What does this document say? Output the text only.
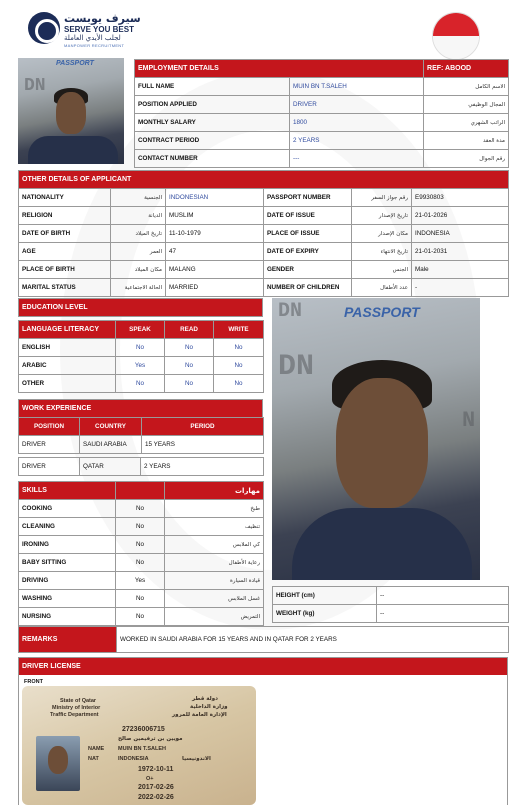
سيرف يوبست
SERVE YOU BEST
لجلب الأيدي العاملة
MANPOWER RECRUITMENT
DN
PASSPORT
EMPLOYMENT DETAILS		REF: ABOOD
FULL NAME	MUIN BN T.SALEH	الاسم الكامل
POSITION APPLIED	DRIVER	المجال الوظيفي
MONTHLY SALARY	1800	الراتب الشهري
CONTRACT PERIOD	2 YEARS	مدة العقد
CONTACT NUMBER	---	رقم الجوال
OTHER DETAILS OF APPLICANT					
NATIONALITY	الجنسية	INDONESIAN	PASSPORT NUMBER	رقم جواز السفر	E9930803
RELIGION	الديانة	MUSLIM	DATE OF ISSUE	تاريخ الإصدار	21-01-2026
DATE OF BIRTH	تاريخ الميلاد	11-10-1979	PLACE OF ISSUE	مكان الإصدار	INDONESIA
AGE	العمر	47	DATE OF EXPIRY	تاريخ الانتهاء	21-01-2031
PLACE OF BIRTH	مكان الميلاد	MALANG	GENDER	الجنس	Male
MARITAL STATUS	الحالة الاجتماعية	MARRIED	NUMBER OF CHILDREN	عدد الأطفال	-
EDUCATION LEVEL
LANGUAGE LITERACY	SPEAK	READ	WRITE
ENGLISH	No	No	No
ARABIC	Yes	No	No
OTHER	No	No	No
DN	PASSPORT
DN
N
WORK EXPERIENCE
POSITION	COUNTRY	PERIOD
DRIVER	SAUDI ARABIA	15 YEARS
DRIVER	QATAR	2 YEARS
SKILLS		مهارات
COOKING	No	طبخ
CLEANING	No	تنظيف
IRONING	No	كي الملابس
BABY SITTING	No	رعاية الأطفال
DRIVING	Yes	قيادة السيارة
WASHING	No	غسل الملابس
NURSING	No	التمريض
HEIGHT (cm)	--
WEIGHT (kg)	--
REMARKS	WORKED IN SAUDI ARABIA FOR 15 YEARS AND IN QATAR FOR 2 YEARS
DRIVER LICENSE
FRONT
State of Qatar
Ministry of Interior
Traffic Department
دولة قطر
وزارة الداخلية
الإدارة العامة للمرور
27236006715
مويين بن ترفيمين صالح
NAME	MUIN BN T.SALEH
NAT	INDONESIA	الاندونيسيا
1972-10-11
O+
2017-02-26
2022-02-26
